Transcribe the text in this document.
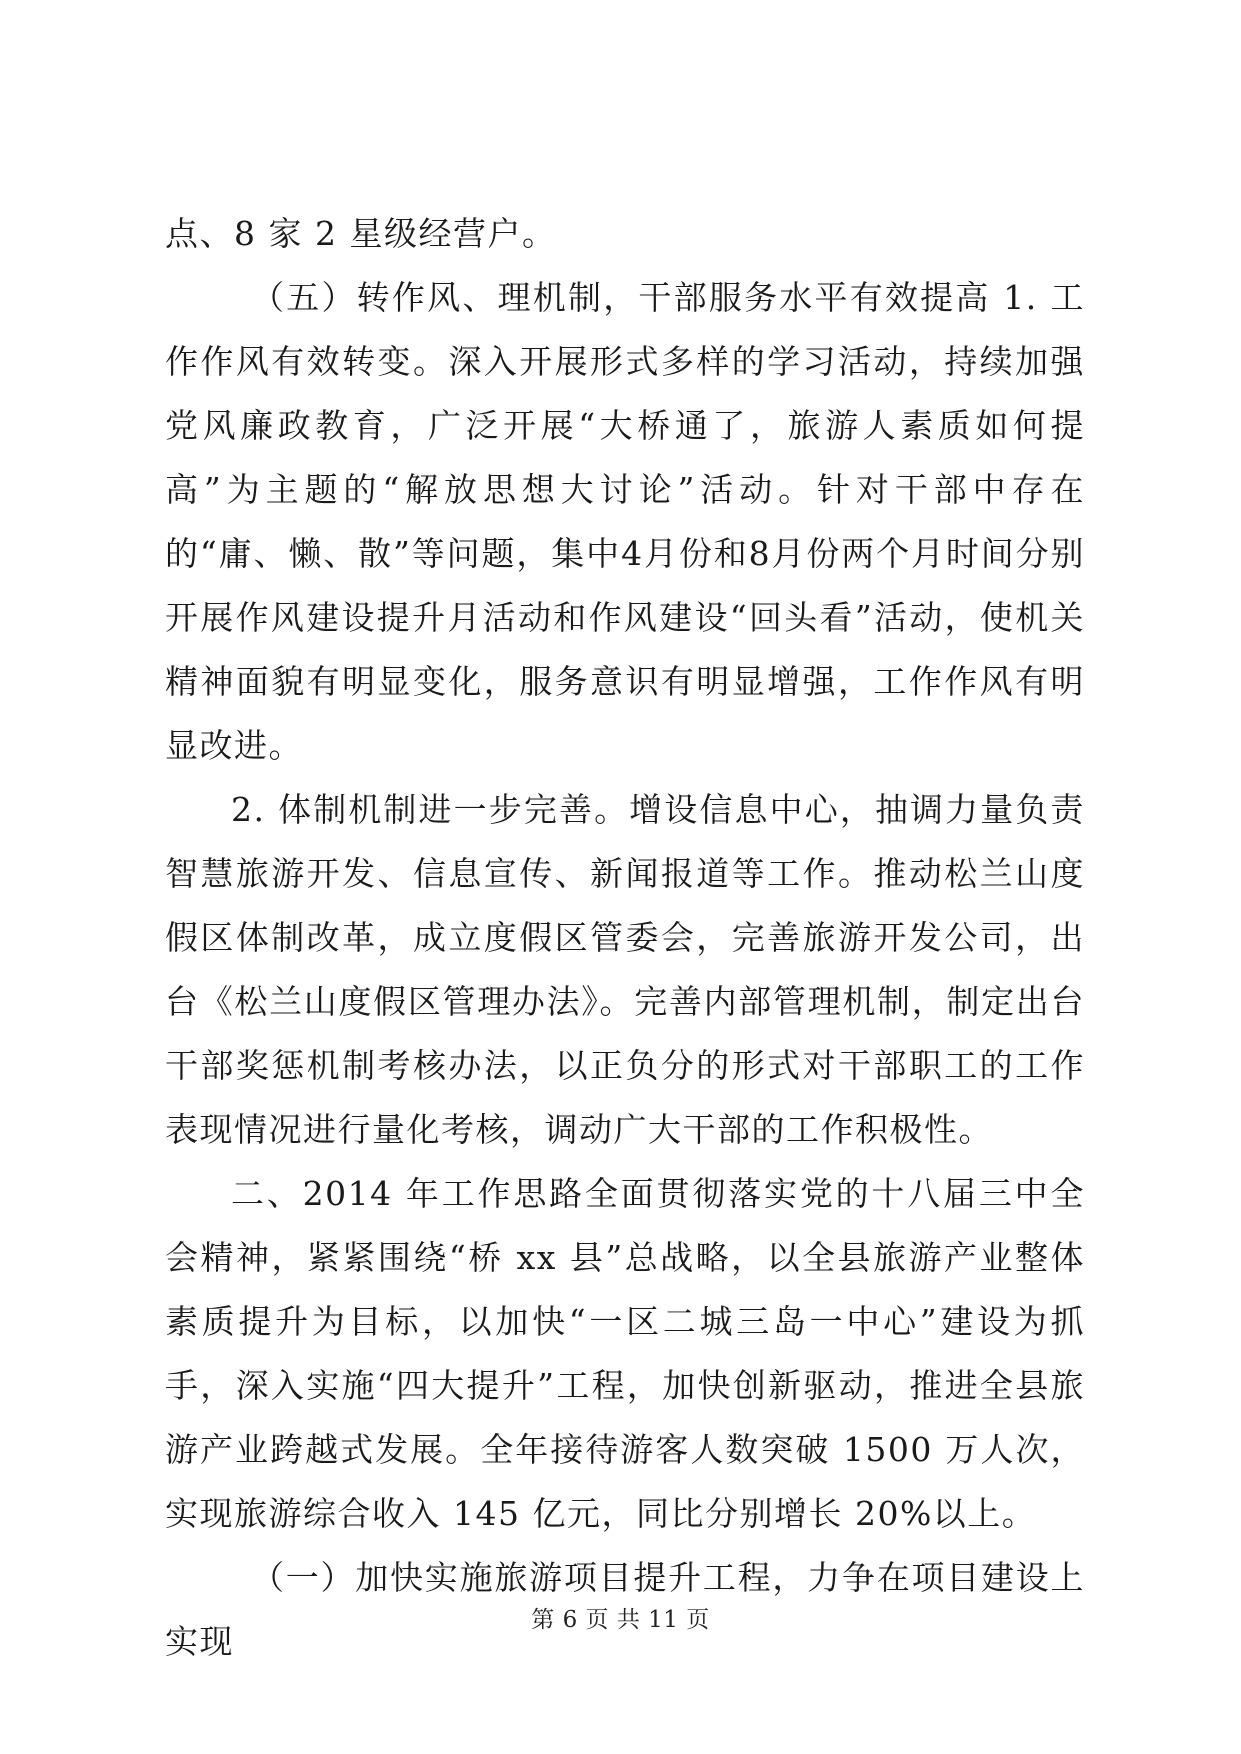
点、8 家 2 星级经营户。

（五）转作风、理机制，干部服务水平有效提高 1. 工作作风有效转变。深入开展形式多样的学习活动，持续加强党风廉政教育，广泛开展“大桥通了，旅游人素质如何提高”为主题的“解放思想大讨论”活动。针对干部中存在的“庸、懒、散”等问题，集中4月份和8月份两个月时间分别开展作风建设提升月活动和作风建设“回头看”活动，使机关精神面貌有明显变化，服务意识有明显增强，工作作风有明显改进。

2. 体制机制进一步完善。增设信息中心，抽调力量负责智慧旅游开发、信息宣传、新闻报道等工作。推动松兰山度假区体制改革，成立度假区管委会，完善旅游开发公司，出台《松兰山度假区管理办法》。完善内部管理机制，制定出台干部奖惩机制考核办法，以正负分的形式对干部职工的工作表现情况进行量化考核，调动广大干部的工作积极性。

二、2014 年工作思路全面贯彻落实党的十八届三中全会精神，紧紧围绕“桥 xx 县”总战略，以全县旅游产业整体素质提升为目标，以加快“一区二城三岛一中心”建设为抓手，深入实施“四大提升”工程，加快创新驱动，推进全县旅游产业跨越式发展。全年接待游客人数突破 1500 万人次，实现旅游综合收入 145 亿元，同比分别增长 20%以上。

（一）加快实施旅游项目提升工程，力争在项目建设上实现

第 6 页 共 11 页
